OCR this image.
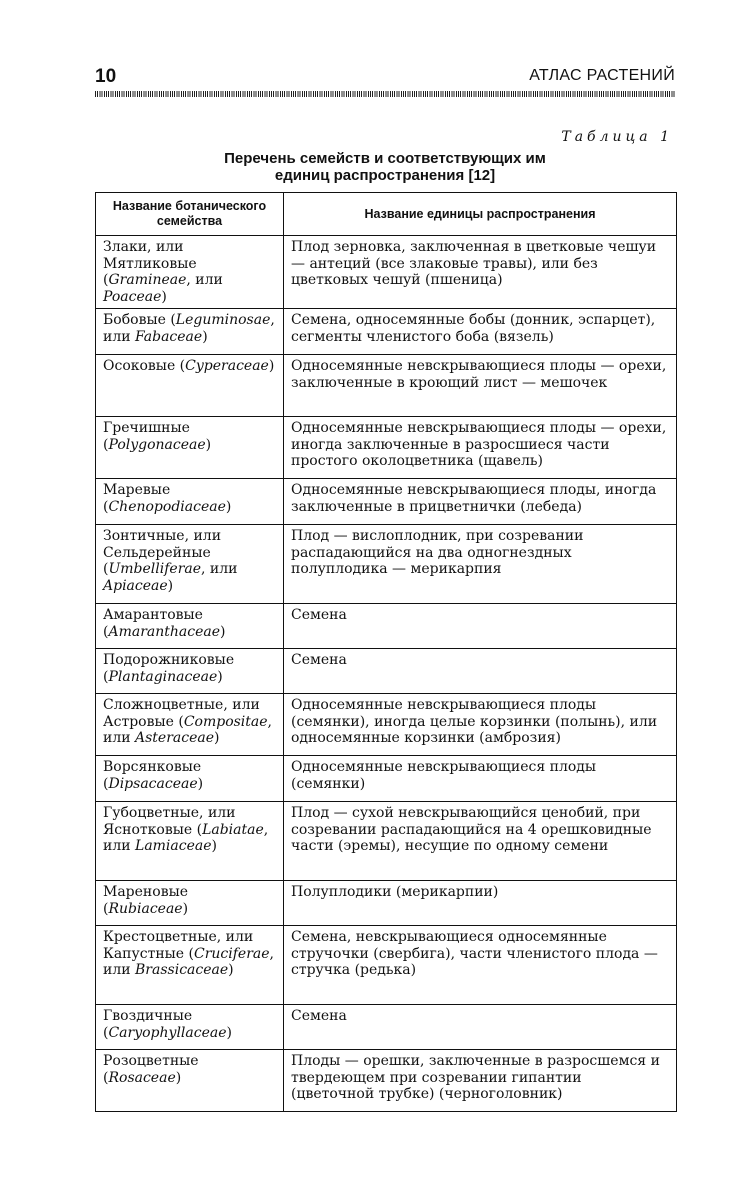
10	АТЛАС РАСТЕНИЙ
Таблица 1
Перечень семейств и соответствующих им
единиц распространения [12]
Название ботанического семейства	Название единицы распространения
Злаки, или Мятликовые (Gramineae, или Poaceae)	Плод зерновка, заключенная в цветковые чешуи — антеций (все злаковые травы), или без цветковых чешуй (пшеница)
Бобовые (Leguminosae, или Fabaceae)	Семена, односемянные бобы (донник, эспарцет), сегменты членистого боба (вязель)
Осоковые (Cyperaceae)	Односемянные невскрывающиеся плоды — орехи, заключенные в кроющий лист — мешочек
Гречишные (Polygonaceae)	Односемянные невскрывающиеся плоды — орехи, иногда заключенные в разросшиеся части простого околоцветника (щавель)
Маревые (Chenopodiaceae)	Односемянные невскрывающиеся плоды, иногда заключенные в прицветнички (лебеда)
Зонтичные, или Сельдерейные (Umbelliferae, или Apiaceae)	Плод — вислоплодник, при созревании распадающийся на два одногнездных полуплодика — мерикарпия
Амарантовые (Amaranthaceae)	Семена
Подорожниковые (Plantaginaceae)	Семена
Сложноцветные, или Астровые (Compositae, или Asteraceae)	Односемянные невскрывающиеся плоды (семянки), иногда целые корзинки (полынь), или односемянные корзинки (амброзия)
Ворсянковые (Dipsacaceae)	Односемянные невскрывающиеся плоды (семянки)
Губоцветные, или Яснотковые (Labiatae, или Lamiaceae)	Плод — сухой невскрывающийся ценобий, при созревании распадающийся на 4 орешковидные части (эремы), несущие по одному семени
Мареновые (Rubiaceae)	Полуплодики (мерикарпии)
Крестоцветные, или Капустные (Cruciferae, или Brassicaceae)	Семена, невскрывающиеся односемянные стручочки (свербига), части членистого плода — стручка (редька)
Гвоздичные (Caryophyllaceae)	Семена
Розоцветные (Rosaceae)	Плоды — орешки, заключенные в разросшемся и твердеющем при созревании гипантии (цветочной трубке) (черноголовник)
